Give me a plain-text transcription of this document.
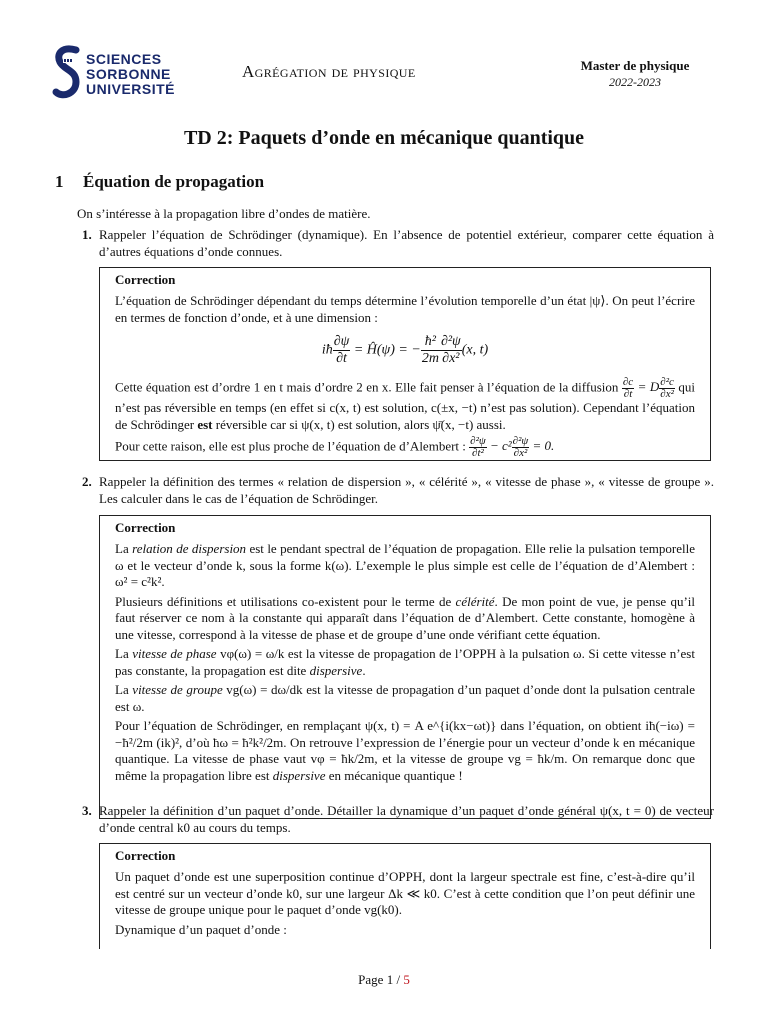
SCIENCES
SORBONNE
UNIVERSITÉ
Agrégation de physique	Master de physique
2022-2023
TD 2: Paquets d’onde en mécanique quantique
1 Équation de propagation
On s’intéresse à la propagation libre d’ondes de matière.
1. Rappeler l’équation de Schrödinger (dynamique). En l’absence de potentiel extérieur, comparer cette équation à d’autres équations d’onde connues.
Correction

L’équation de Schrödinger dépendant du temps détermine l’évolution temporelle d’un état |ψ⟩. On peut l’écrire en termes de fonction d’onde, et à une dimension :

iħ $\frac{\partial\psi}{\partial t}$ = Ĥ(ψ) = − $\frac{\text{ħ²}}{2m} \frac{\text{∂²ψ}}{\text{∂x²}} (x$, t)

Cette équation est d’ordre 1 en t mais d’ordre 2 en x. Elle fait penser à l’équation de la diffusion $\frac{\partial c}{\partial t} = D \frac{\text{∂²c}}{\text{∂x²}}$ qui n’est pas réversible en temps (en effet si c(x, t) est solution, c(±x, −t) n’est pas solution). Cependant l’équation de Schrödinger est réversible car si ψ(x, t) est solution, alors ψ̄(x, −t) aussi.

Pour cette raison, elle est plus proche de l’équation de d’Alembert : $\frac{\text{∂²ψ}}{\text{∂t²}} - c^2 \frac{\text{∂²ψ}}{\text{∂x²}} = 0$.

2. Rappeler la définition des termes « relation de dispersion », « célérité », « vitesse de phase », « vitesse de groupe ». Les calculer dans le cas de l’équation de Schrödinger.
Correction

La relation de dispersion est le pendant spectral de l’équation de propagation. Elle relie la pulsation temporelle ω et le vecteur d’onde k, sous la forme k(ω). L’exemple le plus simple est celle de l’équation de d’Alembert : ω² = c²k².

Plusieurs définitions et utilisations co-existent pour le terme de célérité. De mon point de vue, je pense qu’il faut réserver ce nom à la constante qui apparaît dans l’équation de d’Alembert. Cette constante, homogène à une vitesse, correspond à la vitesse de phase et de groupe d’une onde vérifiant cette équation.

La vitesse de phase vφ(ω) = ω/k est la vitesse de propagation de l’OPPH à la pulsation ω. Si cette vitesse n’est pas constante, la propagation est dite dispersive.

La vitesse de groupe vg(ω) = dω/dk est la vitesse de propagation d’un paquet d’onde dont la pulsation centrale est ω.

Pour l’équation de Schrödinger, en remplaçant ψ(x, t) = A e^{i(kx−ωt)} dans l’équation, on obtient iħ(−iω) = −ħ²/2m (ik)², d’où ħω = ħ²k²/2m. On retrouve l’expression de l’énergie pour un vecteur d’onde k en mécanique quantique. La vitesse de phase vaut vφ = ħk/2m, et la vitesse de groupe vg = ħk/m. On remarque donc que même la propagation libre est dispersive en mécanique quantique !

3. Rappeler la définition d’un paquet d’onde. Détailler la dynamique d’un paquet d’onde général ψ(x, t = 0) de vecteur d’onde central k0 au cours du temps.
Correction

Un paquet d’onde est une superposition continue d’OPPH, dont la largeur spectrale est fine, c’est-à-dire qu’il est centré sur un vecteur d’onde k0, sur une largeur Δk ≪ k0. C’est à cette condition que l’on peut définir une vitesse de groupe unique pour le paquet d’onde vg(k0).

Dynamique d’un paquet d’onde :

Page 1 / 5
